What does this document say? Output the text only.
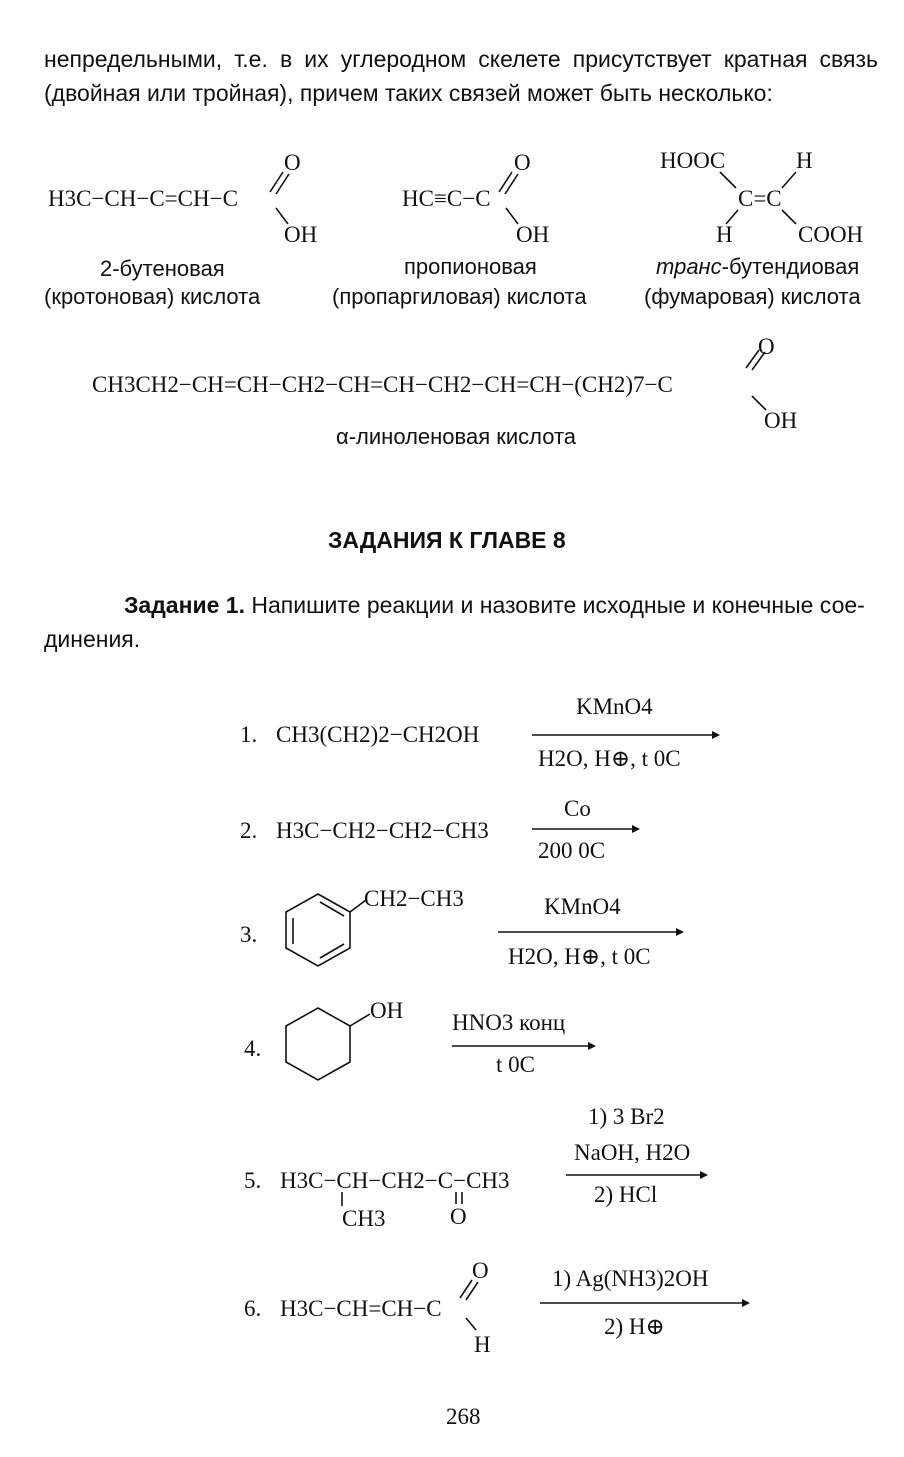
непредельными, т.е. в их углеродном скелете присутствует кратная связь
(двойная или тройная), причем таких связей может быть несколько:
H3C−CH−C=CH−C
O
OH
2-бутеновая
(кротоновая) кислота
HC≡C−C
O
OH
пропионовая
(пропаргиловая) кислота
HOOC	H
C=C
H	COOH
транс-бутендиовая
(фумаровая) кислота
CH3CH2−CH=CH−CH2−CH=CH−CH2−CH=CH−(CH2)7−C
O
OH
α-линоленовая кислота
ЗАДАНИЯ К ГЛАВЕ 8
Задание 1. Напишите реакции и назовите исходные и конечные сое-
динения.
1. CH3(CH2)2−CH2OH
KMnO4
H2O, H⊕, t 0C
2. H3C−CH2−CH2−CH3
Co
200 0C
3.
CH2−CH3	KMnO4
H2O, H⊕, t 0C
4.
OH HNO3 конц
t 0C
5. H3C−CH−CH2−C−CH3
CH3	O
1) 3 Br2
NaOH, H2O
2) HCl
6. H3C−CH=CH−C
O
H
1) Ag(NH3)2OH
2) H⊕
268
